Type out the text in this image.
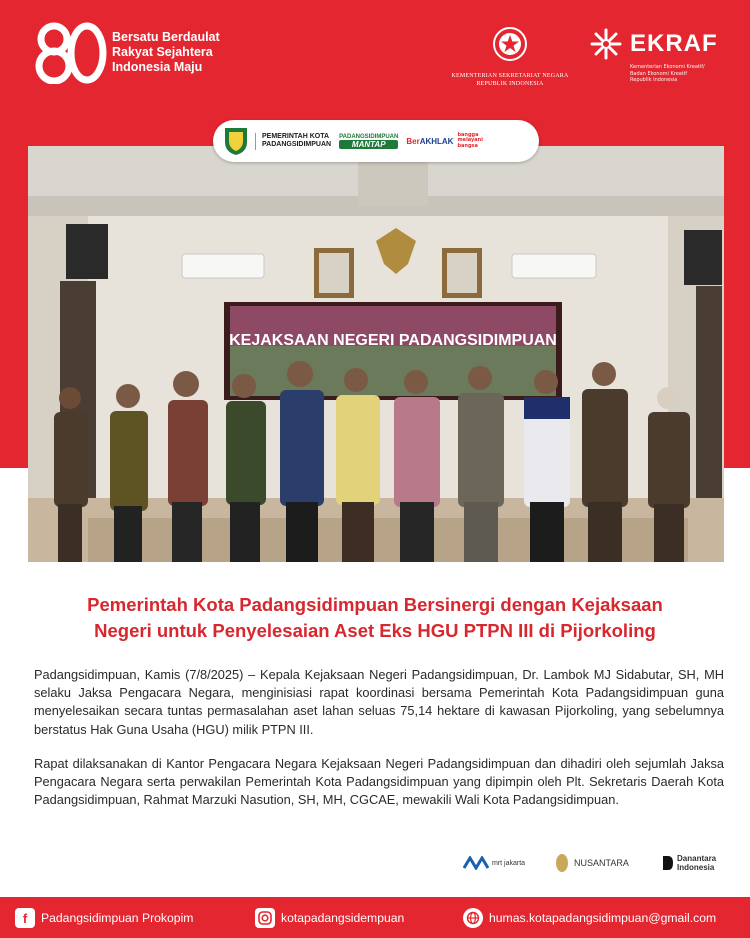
80
Bersatu Berdaulat
Rakyat Sejahtera
Indonesia Maju
KEMENTERIAN SEKRETARIAT NEGARA
REPUBLIK INDONESIA
EKRAF
Kementerian Ekonomi Kreatif/
Badan Ekonomi Kreatif
Republik Indonesia
KEJAKSAAN NEGERI PADANGSIDIMPUAN
PEMERINTAH KOTA
PADANGSIDIMPUAN
PADANGSIDIMPUAN
MANTAP	BerAKHLAK
bangga
melayani
bangsa
Pemerintah Kota Padangsidimpuan Bersinergi dengan Kejaksaan
Negeri untuk Penyelesaian Aset Eks HGU PTPN III di Pijorkoling

Padangsidimpuan, Kamis (7/8/2025) – Kepala Kejaksaan Negeri Padangsidimpuan, Dr. Lambok MJ Sidabutar, SH, MH selaku Jaksa Pengacara Negara, menginisiasi rapat koordinasi bersama Pemerintah Kota Padangsidimpuan guna menyelesaikan secara tuntas permasalahan aset lahan seluas 75,14 hektare di kawasan Pijorkoling, yang sebelumnya berstatus Hak Guna Usaha (HGU) milik PTPN III.

Rapat dilaksanakan di Kantor Pengacara Negara Kejaksaan Negeri Padangsidimpuan dan dihadiri oleh sejumlah Jaksa Pengacara Negara serta perwakilan Pemerintah Kota Padangsidimpuan yang dipimpin oleh Plt. Sekretaris Daerah Kota Padangsidimpuan, Rahmat Marzuki Nasution, SH, MH, CGCAE, mewakili Wali Kota Padangsidimpuan.

mrt jakarta	NUSANTARA	Danantara
Indonesia
f	Padangsidimpuan Prokopim	kotapadangsidempuan	humas.kotapadangsidimpuan@gmail.com
